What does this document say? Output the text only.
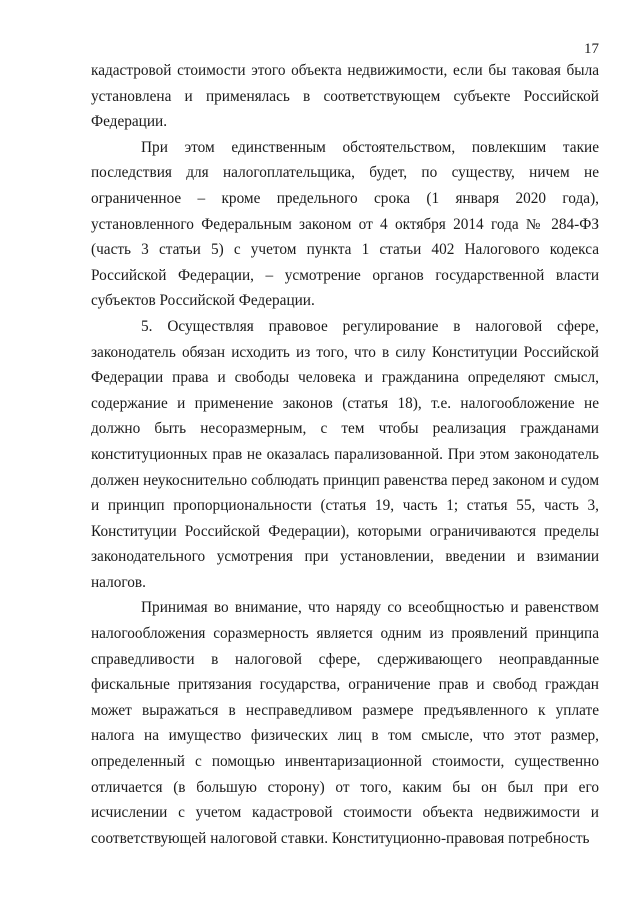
17

кадастровой стоимости этого объекта недвижимости, если бы таковая была установлена и применялась в соответствующем субъекте Российской Федерации.

При этом единственным обстоятельством, повлекшим такие последствия для налогоплательщика, будет, по существу, ничем не ограниченное – кроме предельного срока (1 января 2020 года), установленного Федеральным законом от 4 октября 2014 года № 284-ФЗ (часть 3 статьи 5) с учетом пункта 1 статьи 402 Налогового кодекса Российской Федерации, – усмотрение органов государственной власти субъектов Российской Федерации.

5. Осуществляя правовое регулирование в налоговой сфере, законодатель обязан исходить из того, что в силу Конституции Российской Федерации права и свободы человека и гражданина определяют смысл, содержание и применение законов (статья 18), т.е. налогообложение не должно быть несоразмерным, с тем чтобы реализация гражданами конституционных прав не оказалась парализованной. При этом законодатель должен неукоснительно соблюдать принцип равенства перед законом и судом и принцип пропорциональности (статья 19, часть 1; статья 55, часть 3, Конституции Российской Федерации), которыми ограничиваются пределы законодательного усмотрения при установлении, введении и взимании налогов.

Принимая во внимание, что наряду со всеобщностью и равенством налогообложения соразмерность является одним из проявлений принципа справедливости в налоговой сфере, сдерживающего неоправданные фискальные притязания государства, ограничение прав и свобод граждан может выражаться в несправедливом размере предъявленного к уплате налога на имущество физических лиц в том смысле, что этот размер, определенный с помощью инвентаризационной стоимости, существенно отличается (в большую сторону) от того, каким бы он был при его исчислении с учетом кадастровой стоимости объекта недвижимости и соответствующей налоговой ставки. Конституционно-правовая потребность
